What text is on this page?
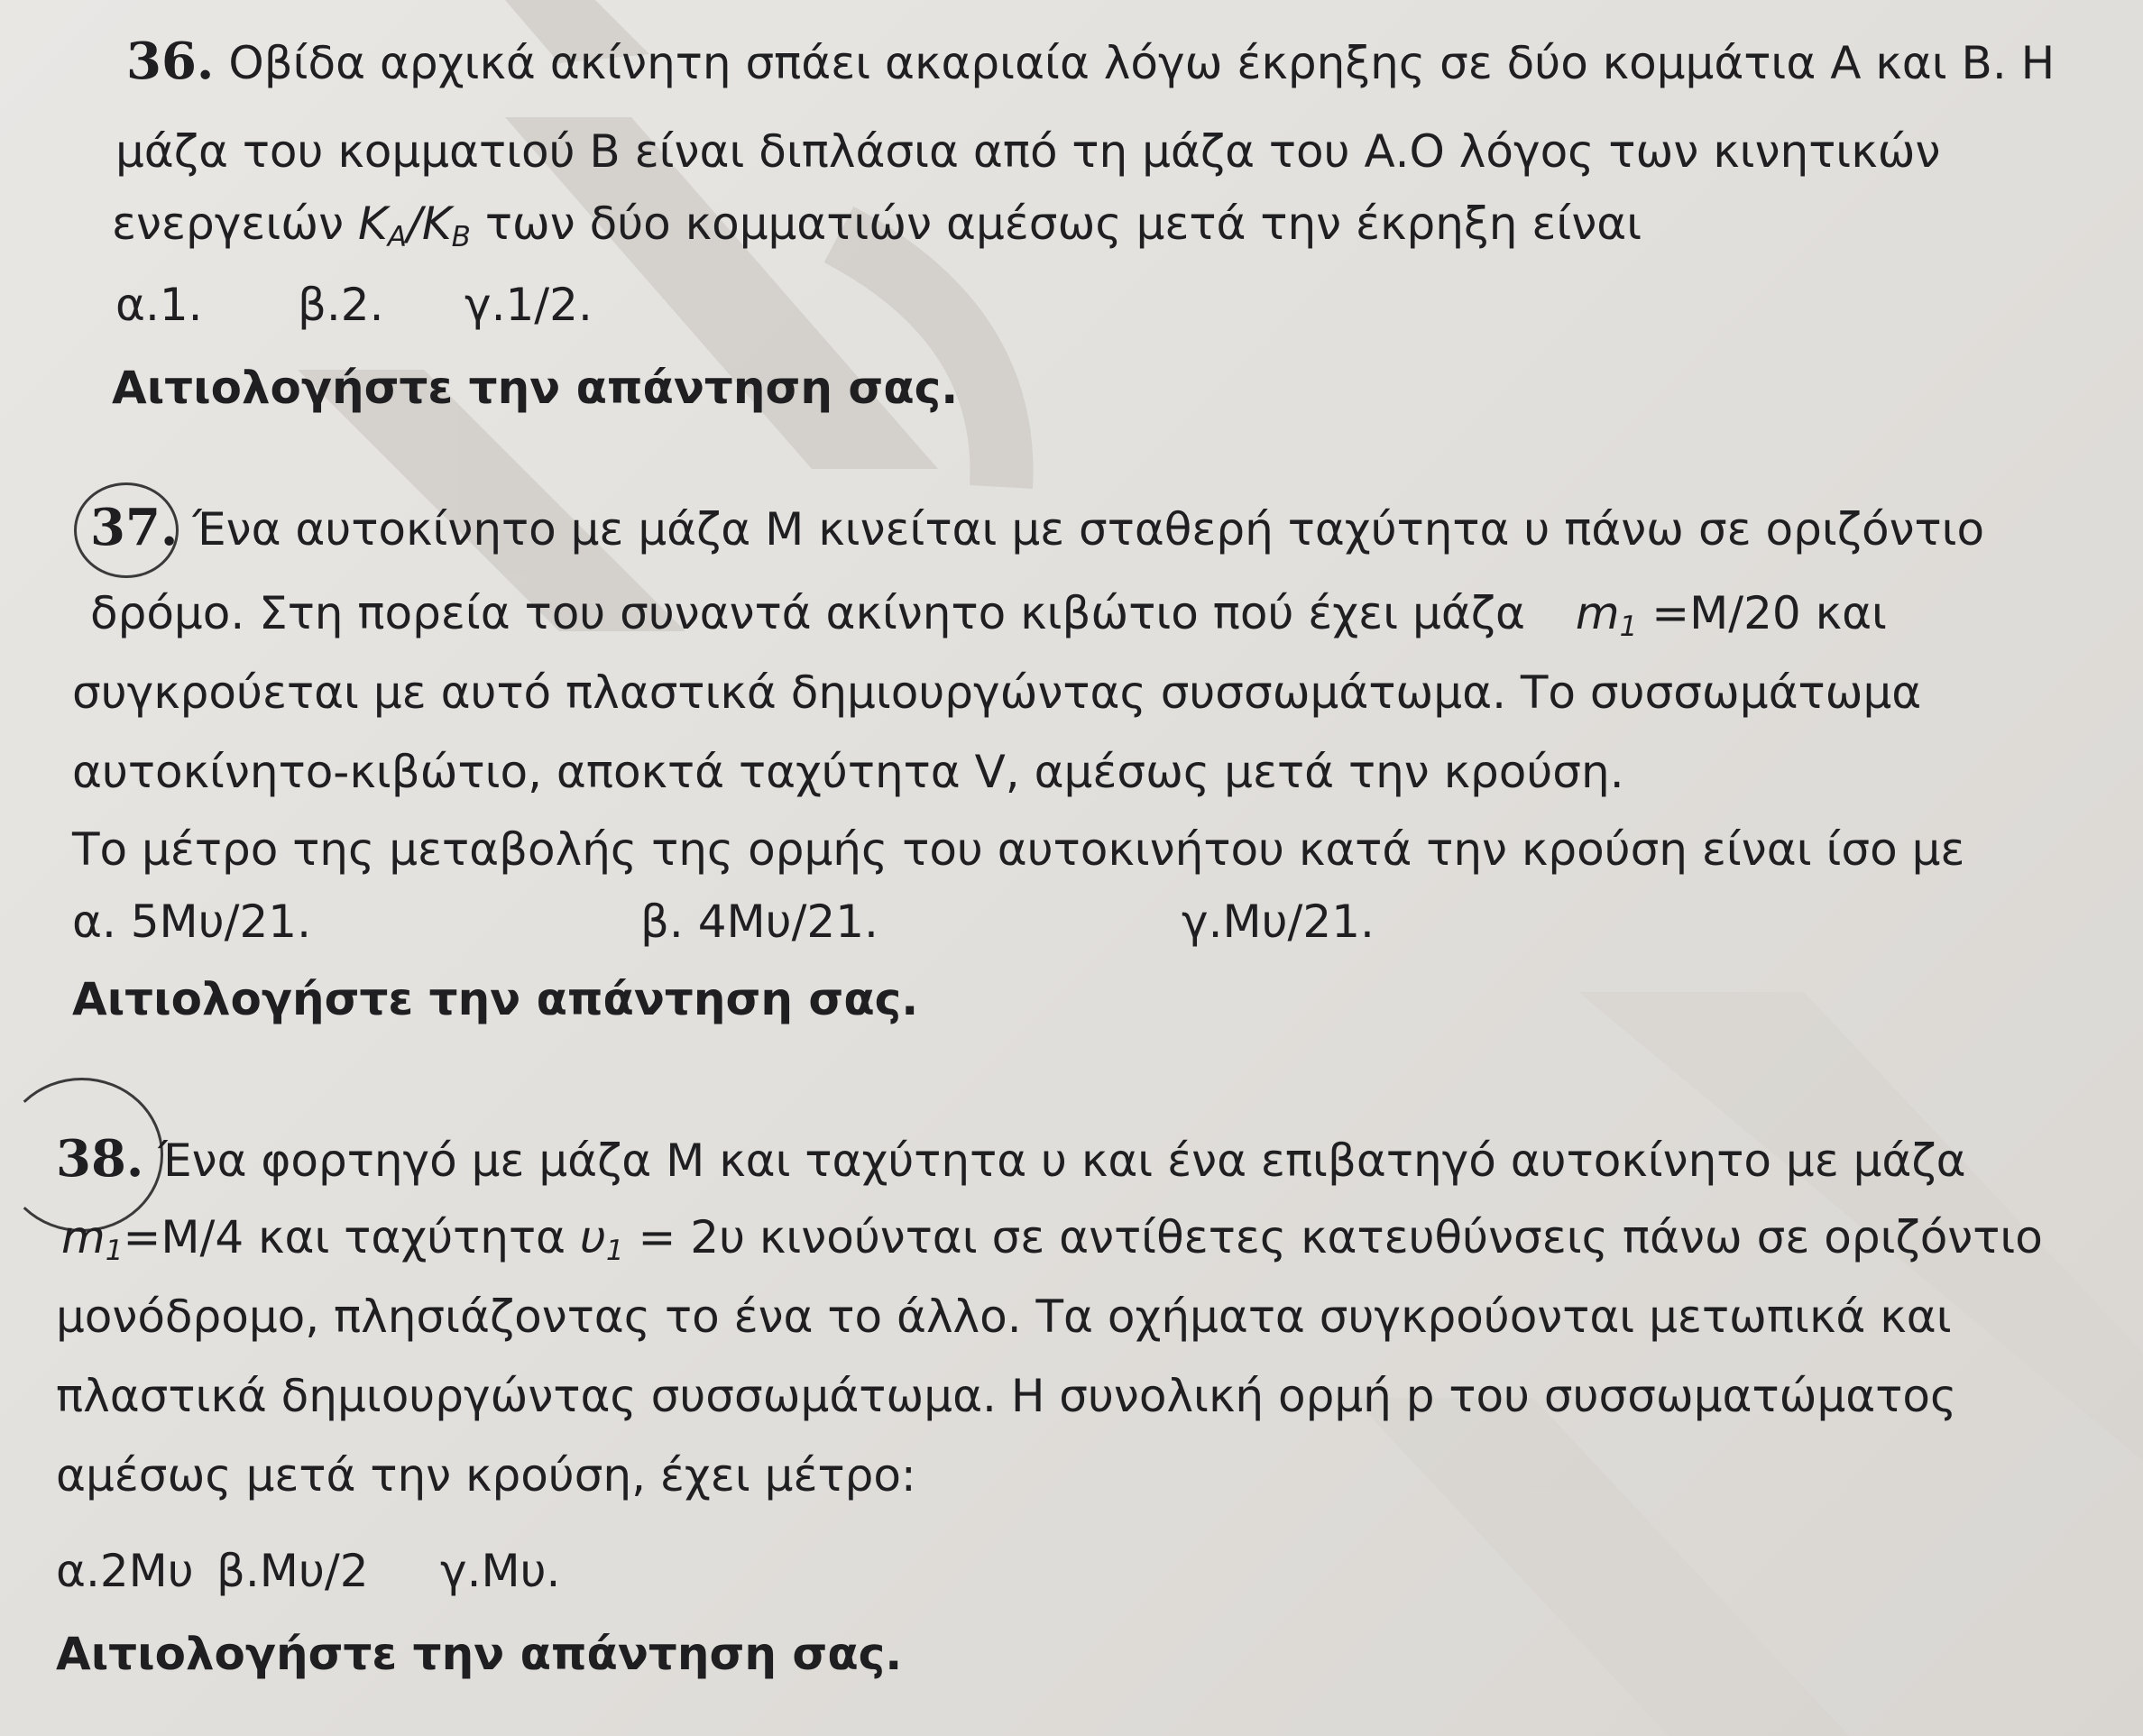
36. Οβίδα αρχικά ακίνητη σπάει ακαριαία λόγω έκρηξης σε δύο κομμάτια Α και Β. Η
μάζα του κομματιού Β είναι διπλάσια από τη μάζα του Α.Ο λόγος των κινητικών
ενεργειών $K_A/K_B$ των δύο κομματιών αμέσως μετά την έκρηξη είναι
α.1. β.2. γ.1/2.
Αιτιολογήστε την απάντηση σας.
37. Ένα αυτοκίνητο με μάζα Μ κινείται με σταθερή ταχύτητα υ πάνω σε οριζόντιο
δρόμο. Στη πορεία του συναντά ακίνητο κιβώτιο πού έχει μάζα $m_1 =M/20$ και
συγκρούεται με αυτό πλαστικά δημιουργώντας συσσωμάτωμα. Το συσσωμάτωμα
αυτοκίνητο-κιβώτιο, αποκτά ταχύτητα V, αμέσως μετά την κρούση.
Το μέτρο της μεταβολής της ορμής του αυτοκινήτου κατά την κρούση είναι ίσο με
α. 5Μυ/21.	β. 4Μυ/21.	γ.Μυ/21.
Αιτιολογήστε την απάντηση σας.
38. Ένα φορτηγό με μάζα Μ και ταχύτητα υ και ένα επιβατηγό αυτοκίνητο με μάζα
$m_1=M/4$ και ταχύτητα $\upsilon_1 = 2\upsilon$ κινούνται σε αντίθετες κατευθύνσεις πάνω σε οριζόντιο
μονόδρομο, πλησιάζοντας το ένα το άλλο. Τα οχήματα συγκρούονται μετωπικά και
πλαστικά δημιουργώντας συσσωμάτωμα. Η συνολική ορμή p του συσσωματώματος
αμέσως μετά την κρούση, έχει μέτρο:
α.2Μυ β.Μυ/2 γ.Μυ.
Αιτιολογήστε την απάντηση σας.
